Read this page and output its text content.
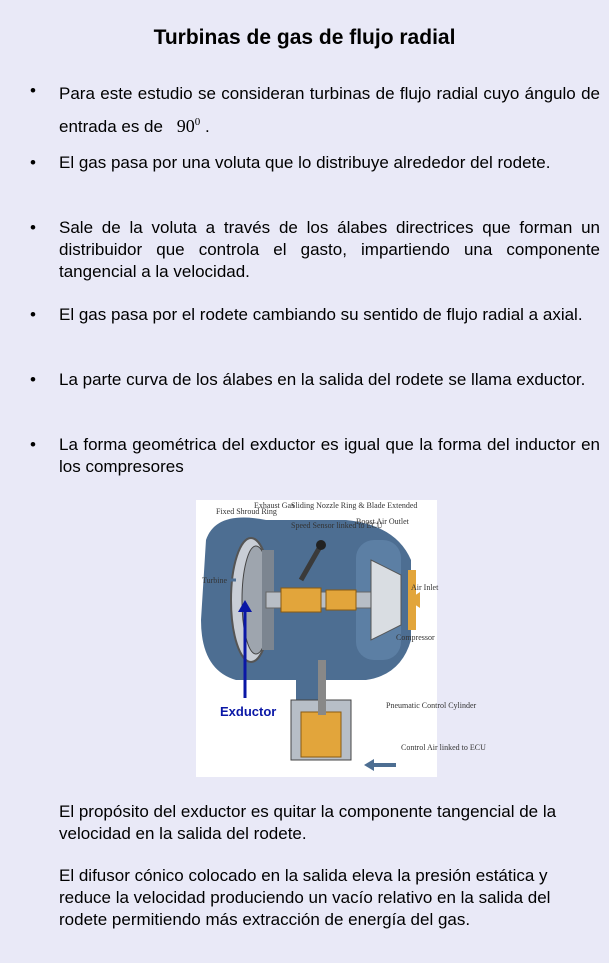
Turbinas de gas de flujo radial
•	Para este estudio se consideran turbinas de flujo radial cuyo ángulo de entrada es de $90^0$ .
•	El gas pasa por una voluta que lo distribuye alrededor del rodete.
•	Sale de la voluta a través de los álabes directrices que forman un distribuidor que controla el gasto, impartiendo una componente tangencial a la velocidad.
•	El gas pasa por el rodete cambiando su sentido de flujo radial a axial.
•	La parte curva de los álabes en la salida del rodete se llama exductor.
•	La forma geométrica del exductor es igual que la forma del inductor en los compresores
Fixed Shroud Ring
Exhaust Gas
Sliding Nozzle Ring & Blade Extended
Speed Sensor linked to ECU
Boost Air Outlet
Turbine
Air Inlet
Compressor
Pneumatic Control Cylinder
Control Air linked to ECU
Exductor
El propósito del exductor es quitar la componente tangencial de la velocidad en la salida del rodete.
El difusor cónico colocado en la salida eleva la presión estática y reduce la velocidad produciendo un vacío relativo en la salida del rodete permitiendo más extracción de energía del gas.
